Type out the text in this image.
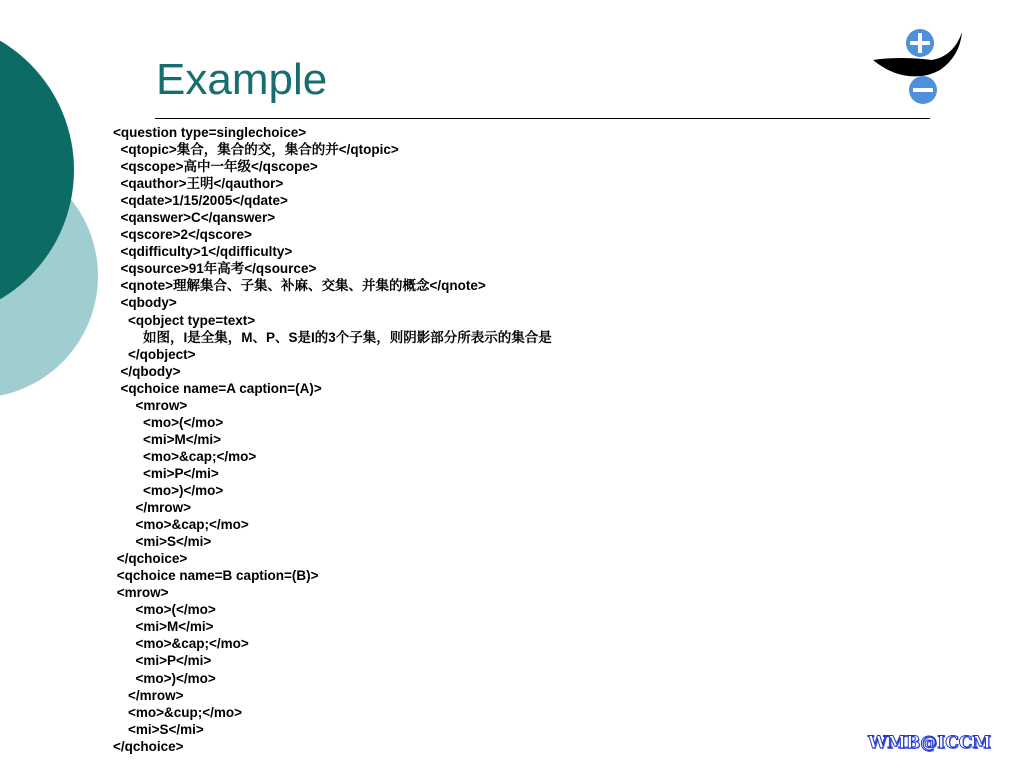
Example
<question type=singlechoice>
<qtopic>集合，集合的交，集合的并</qtopic>
<qscope>高中一年级</qscope>
<qauthor>王明</qauthor>
<qdate>1/15/2005</qdate>
<qanswer>C</qanswer>
<qscore>2</qscore>
<qdifficulty>1</qdifficulty>
<qsource>91年高考</qsource>
<qnote>理解集合、子集、补麻、交集、并集的概念</qnote>
<qbody>
<qobject type=text>
如图，I是全集，M、P、S是I的3个子集，则阴影部分所表示的集合是
</qobject>
</qbody>
<qchoice name=A caption=(A)>
<mrow>
<mo>(</mo>
<mi>M</mi>
<mo>&cap;</mo>
<mi>P</mi>
<mo>)</mo>
</mrow>
<mo>&cap;</mo>
<mi>S</mi>
</qchoice>
<qchoice name=B caption=(B)>
<mrow>
<mo>(</mo>
<mi>M</mi>
<mo>&cap;</mo>
<mi>P</mi>
<mo>)</mo>
</mrow>
<mo>&cup;</mo>
<mi>S</mi>
</qchoice>	WMB@ICCM
